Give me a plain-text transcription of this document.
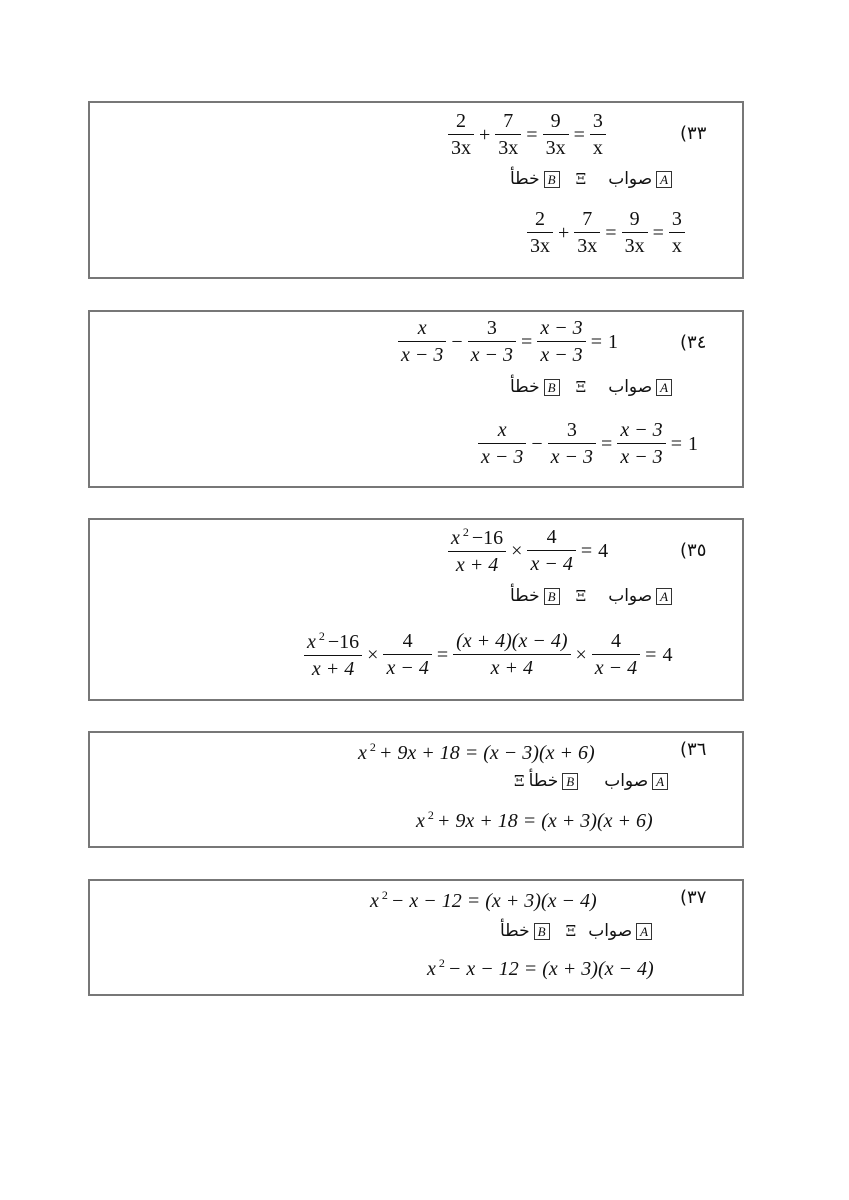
$\frac{2}{3x} + \frac{7}{3x} = \frac{9}{3x} = \frac{3}{x}$	٣٣)
A
صواب
Ξ
B
خطأ
$\frac{2}{3x} + \frac{7}{3x} = \frac{9}{3x} = \frac{3}{x}$
$\frac{x}{x - 3} - \frac{3}{x - 3} = \frac{x - 3}{x - 3} = 1$	٣٤)
A
صواب
Ξ
B
خطأ
$\frac{x}{x - 3} - \frac{3}{x - 3} = \frac{x - 3}{x - 3} = 1$
$\frac{x ^2 -16}{x + 4} \times \frac{4}{x - 4} = 4$	٣٥)
A
صواب
Ξ
B
خطأ
$\frac{x ^2 -16}{x + 4} \times \frac{4}{x - 4} = \frac{(x + 4)(x - 4)}{x + 4} \times \frac{4}{x - 4} = 4$
x $^2$ + 9x + 18 = (x − 3)(x + 6)	٣٦)
A
صواب
B
خطأ
Ξ
x $^2$ + 9x + 18 = (x + 3)(x + 6)
x $^2$ − x − 12 = (x + 3)(x − 4)	٣٧)
A
صواب
Ξ
B
خطأ
x $^2$ − x − 12 = (x + 3)(x − 4)
